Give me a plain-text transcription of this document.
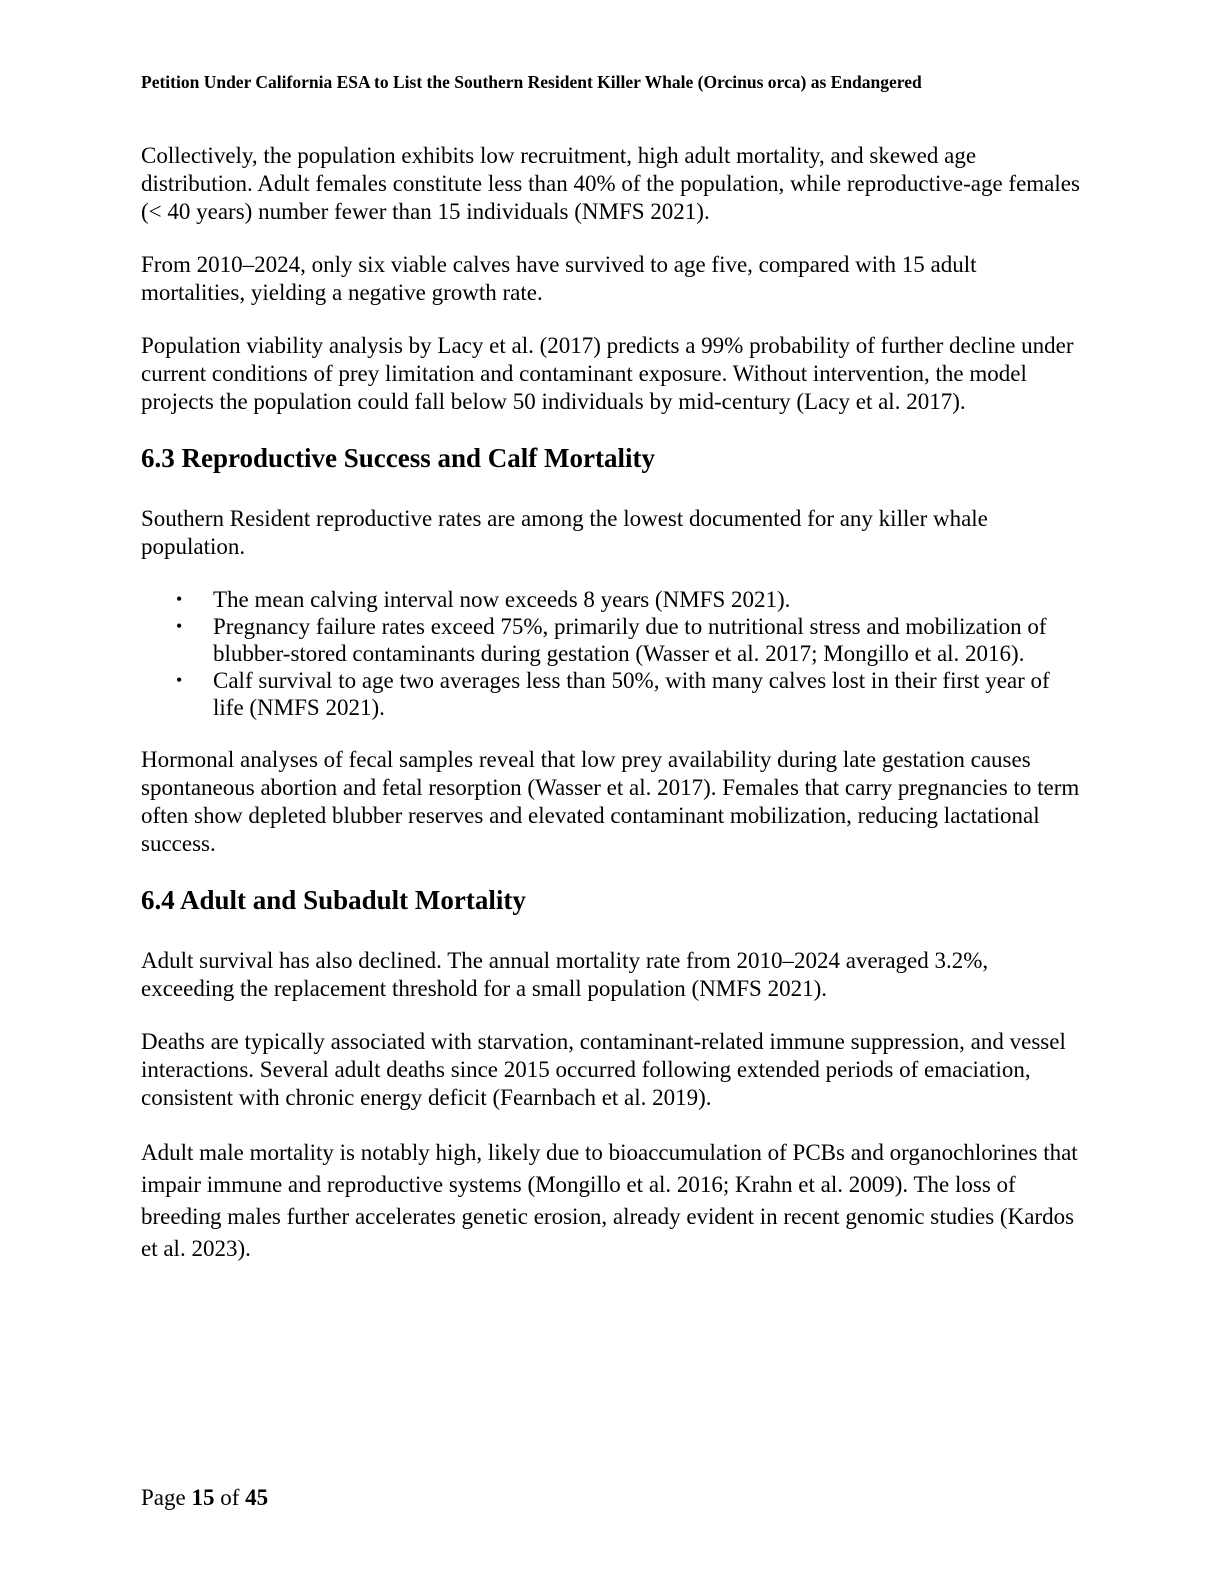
Petition Under California ESA to List the Southern Resident Killer Whale (Orcinus orca) as Endangered

Collectively, the population exhibits low recruitment, high adult mortality, and skewed age distribution. Adult females constitute less than 40% of the population, while reproductive-age females (< 40 years) number fewer than 15 individuals (NMFS 2021).

From 2010–2024, only six viable calves have survived to age five, compared with 15 adult mortalities, yielding a negative growth rate.

Population viability analysis by Lacy et al. (2017) predicts a 99% probability of further decline under current conditions of prey limitation and contaminant exposure. Without intervention, the model projects the population could fall below 50 individuals by mid-century (Lacy et al. 2017).

6.3 Reproductive Success and Calf Mortality

Southern Resident reproductive rates are among the lowest documented for any killer whale population.

• The mean calving interval now exceeds 8 years (NMFS 2021).
• Pregnancy failure rates exceed 75%, primarily due to nutritional stress and mobilization of blubber-stored contaminants during gestation (Wasser et al. 2017; Mongillo et al. 2016).
• Calf survival to age two averages less than 50%, with many calves lost in their first year of life (NMFS 2021).

Hormonal analyses of fecal samples reveal that low prey availability during late gestation causes spontaneous abortion and fetal resorption (Wasser et al. 2017). Females that carry pregnancies to term often show depleted blubber reserves and elevated contaminant mobilization, reducing lactational success.

6.4 Adult and Subadult Mortality

Adult survival has also declined. The annual mortality rate from 2010–2024 averaged 3.2%, exceeding the replacement threshold for a small population (NMFS 2021).

Deaths are typically associated with starvation, contaminant-related immune suppression, and vessel interactions. Several adult deaths since 2015 occurred following extended periods of emaciation, consistent with chronic energy deficit (Fearnbach et al. 2019).

Adult male mortality is notably high, likely due to bioaccumulation of PCBs and organochlorines that impair immune and reproductive systems (Mongillo et al. 2016; Krahn et al. 2009). The loss of breeding males further accelerates genetic erosion, already evident in recent genomic studies (Kardos et al. 2023).

Page 15 of 45
